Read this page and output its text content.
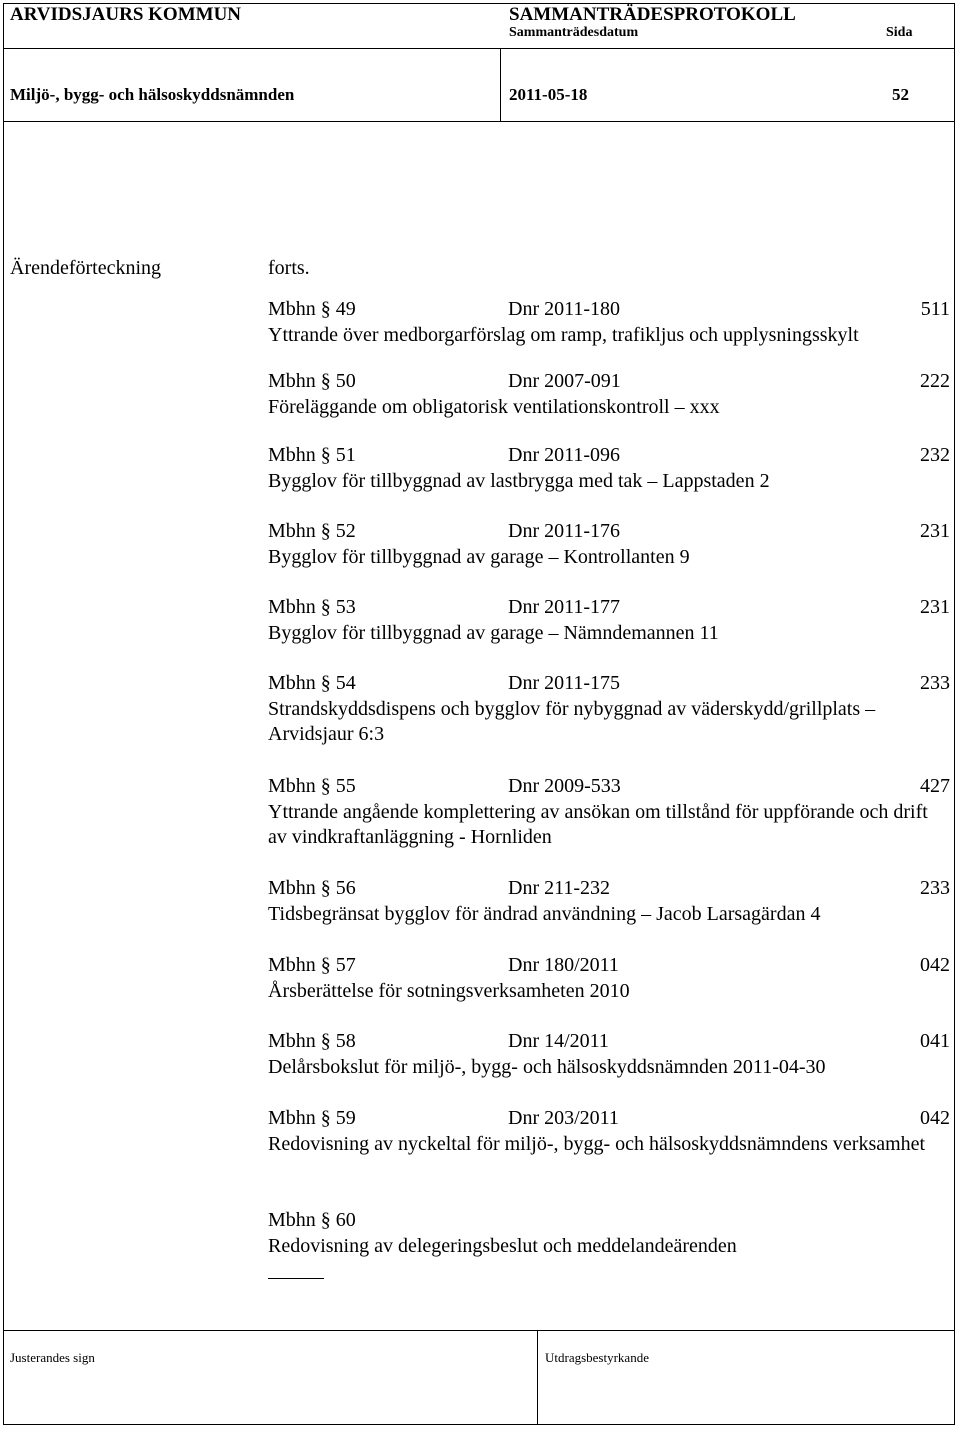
ARVIDSJAURS KOMMUN	SAMMANTRÄDESPROTOKOLL
Sammanträdesdatum	Sida
Miljö-, bygg- och hälsoskyddsnämnden	2011-05-18	52
Ärendeförteckning	forts.
Mbhn § 49	Dnr 2011-180	511
Yttrande över medborgarförslag om ramp, trafikljus och upplysningsskylt
Mbhn § 50	Dnr 2007-091	222
Föreläggande om obligatorisk ventilationskontroll – xxx
Mbhn § 51	Dnr 2011-096	232
Bygglov för tillbyggnad av lastbrygga med tak – Lappstaden 2
Mbhn § 52	Dnr 2011-176	231
Bygglov för tillbyggnad av garage – Kontrollanten 9
Mbhn § 53	Dnr 2011-177	231
Bygglov för tillbyggnad av garage – Nämndemannen 11
Mbhn § 54	Dnr 2011-175	233
Strandskyddsdispens och bygglov för nybyggnad av väderskydd/grillplats – Arvidsjaur 6:3
Mbhn § 55	Dnr 2009-533	427
Yttrande angående komplettering av ansökan om tillstånd för uppförande och drift av vindkraftanläggning - Hornliden
Mbhn § 56	Dnr 211-232	233
Tidsbegränsat bygglov för ändrad användning – Jacob Larsagärdan 4
Mbhn § 57	Dnr 180/2011	042
Årsberättelse för sotningsverksamheten 2010
Mbhn § 58	Dnr 14/2011	041
Delårsbokslut för miljö-, bygg- och hälsoskyddsnämnden 2011-04-30
Mbhn § 59	Dnr 203/2011	042
Redovisning av nyckeltal för miljö-, bygg- och hälsoskyddsnämndens verksamhet
Mbhn § 60
Redovisning av delegeringsbeslut och meddelandeärenden
Justerandes sign	Utdragsbestyrkande
